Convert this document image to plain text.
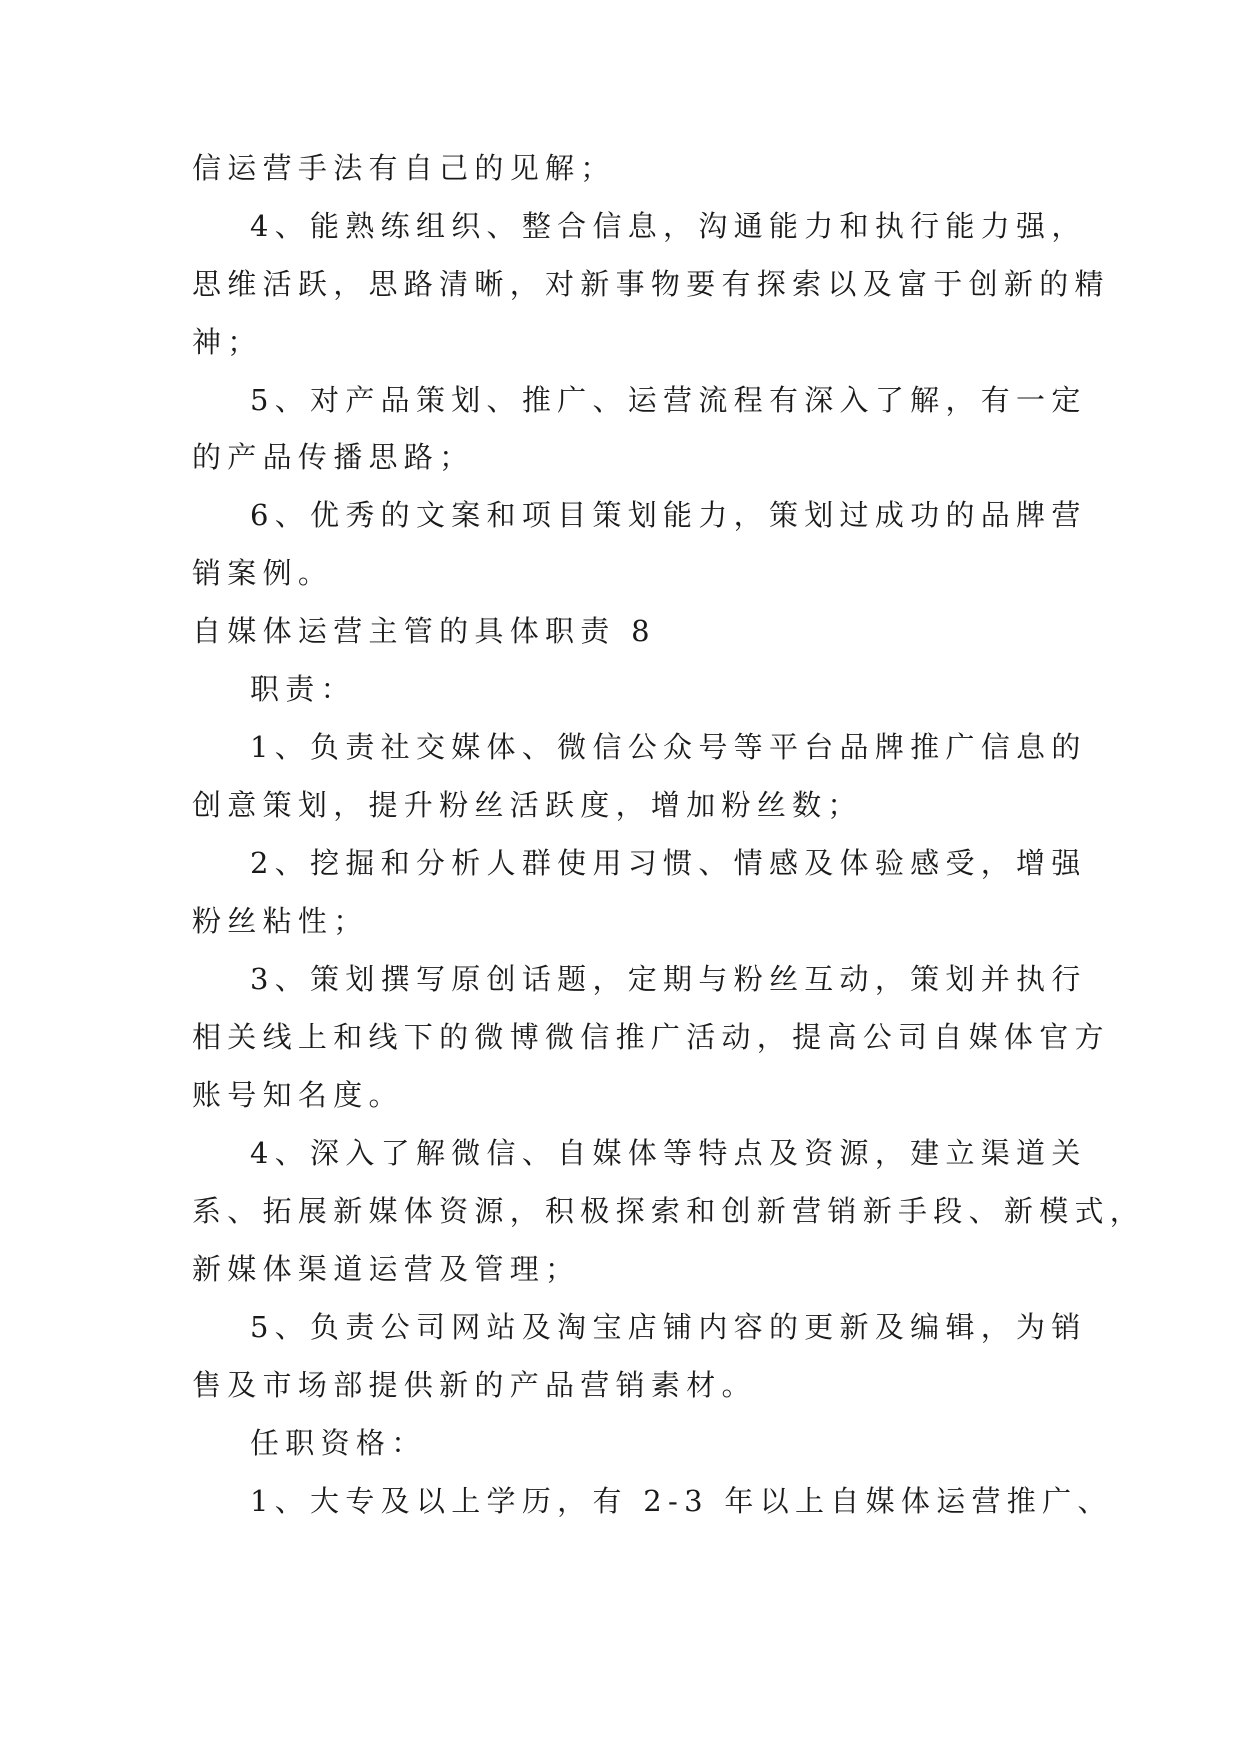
信运营手法有自己的见解；
4、能熟练组织、整合信息，沟通能力和执行能力强，
思维活跃，思路清晰，对新事物要有探索以及富于创新的精
神；
5、对产品策划、推广、运营流程有深入了解，有一定
的产品传播思路；
6、优秀的文案和项目策划能力，策划过成功的品牌营
销案例。
自媒体运营主管的具体职责 8
职责：
1、负责社交媒体、微信公众号等平台品牌推广信息的
创意策划，提升粉丝活跃度，增加粉丝数；
2、挖掘和分析人群使用习惯、情感及体验感受，增强
粉丝粘性；
3、策划撰写原创话题，定期与粉丝互动，策划并执行
相关线上和线下的微博微信推广活动，提高公司自媒体官方
账号知名度。
4、深入了解微信、自媒体等特点及资源，建立渠道关
系、拓展新媒体资源，积极探索和创新营销新手段、新模式，
新媒体渠道运营及管理；
5、负责公司网站及淘宝店铺内容的更新及编辑，为销
售及市场部提供新的产品营销素材。
任职资格：
1、大专及以上学历，有 2-3 年以上自媒体运营推广、
